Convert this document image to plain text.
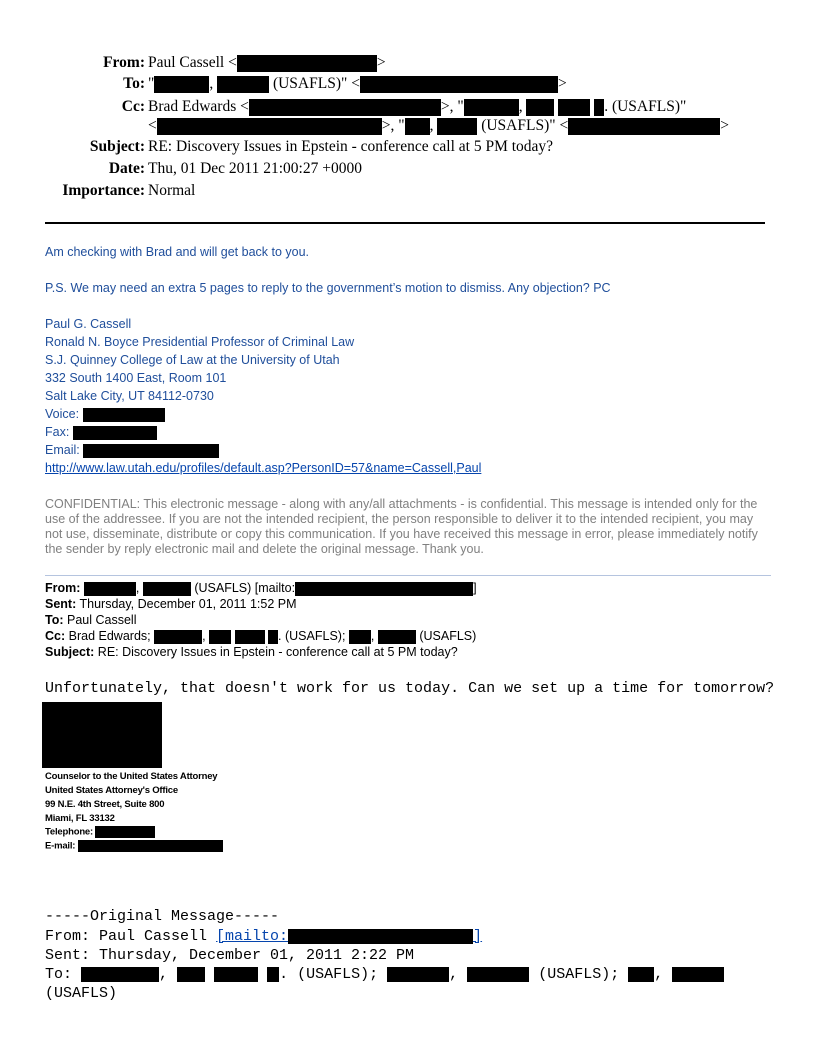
From: Paul Cassell <	>
To: "	,	(USAFLS)" <	>
Cc: Brad Edwards <	>, "	,	. (USAFLS)"
<	>, " ,	(USAFLS)" <	>
Subject: RE: Discovery Issues in Epstein - conference call at 5 PM today?
Date: Thu, 01 Dec 2011 21:00:27 +0000
Importance: Normal
Am checking with Brad and will get back to you.
P.S. We may need an extra 5 pages to reply to the government’s motion to dismiss. Any objection? PC
Paul G. Cassell
Ronald N. Boyce Presidential Professor of Criminal Law
S.J. Quinney College of Law at the University of Utah
332 South 1400 East, Room 101
Salt Lake City, UT 84112-0730
Voice:
Fax:
Email:
http://www.law.utah.edu/profiles/default.asp?PersonID=57&name=Cassell,Paul
CONFIDENTIAL: This electronic message - along with any/all attachments - is confidential. This message is intended only for the use of the addressee. If you are not the intended recipient, the person responsible to deliver it to the intended recipient, you may not use, disseminate, distribute or copy this communication. If you have received this message in error, please immediately notify the sender by reply electronic mail and delete the original message. Thank you.
From:	,	(USAFLS) [mailto:	]
Sent: Thursday, December 01, 2011 1:52 PM
To: Paul Cassell
Cc: Brad Edwards;	,	. (USAFLS); ,	(USAFLS)
Subject: RE: Discovery Issues in Epstein - conference call at 5 PM today?
Unfortunately, that doesn't work for us today. Can we set up a time for tomorrow?
Counselor to the United States Attorney
United States Attorney's Office
99 N.E. 4th Street, Suite 800
Miami, FL 33132
Telephone:
E-mail:
-----Original Message-----
From: Paul Cassell [mailto:	]
Sent: Thursday, December 01, 2011 2:22 PM
To:	,	. (USAFLS);	,	(USAFLS); ,
(USAFLS)
